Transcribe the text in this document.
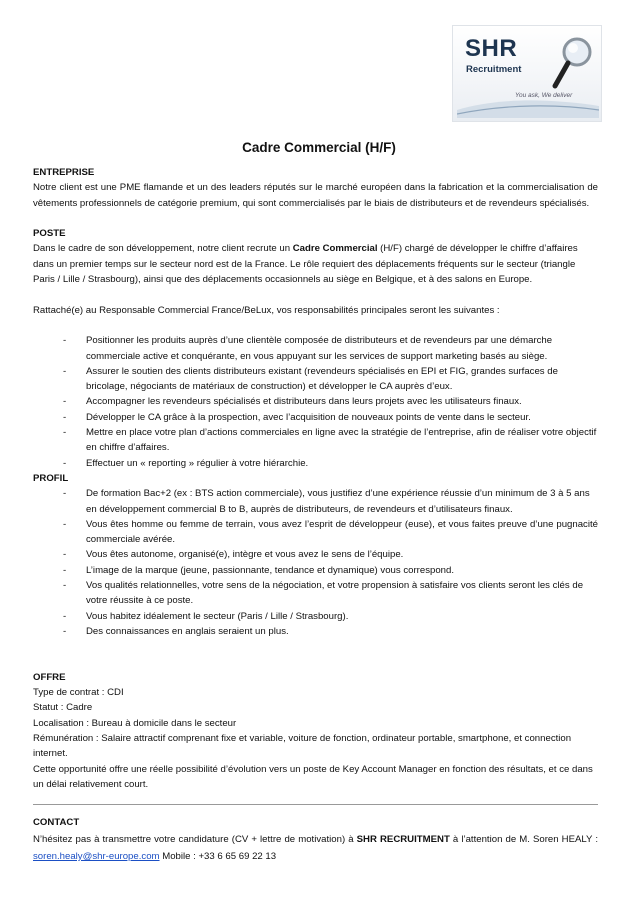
SHR
Recruitment
You ask, We deliver
Cadre Commercial (H/F)
ENTREPRISE

Notre client est une PME flamande et un des leaders réputés sur le marché européen dans la fabrication et la commercialisation de vêtements professionnels de catégorie premium, qui sont commercialisés par le biais de distributeurs et de revendeurs spécialisés.

POSTE

Dans le cadre de son développement, notre client recrute un Cadre Commercial (H/F) chargé de développer le chiffre d’affaires dans un premier temps sur le secteur nord est de la France. Le rôle requiert des déplacements fréquents sur le secteur (triangle Paris / Lille / Strasbourg), ainsi que des déplacements occasionnels au siège en Belgique, et à des salons en Europe.

Rattaché(e) au Responsable Commercial France/BeLux, vos responsabilités principales seront les suivantes :
- Positionner les produits auprès d’une clientèle composée de distributeurs et de revendeurs par une démarche commerciale active et conquérante, en vous appuyant sur les services de support marketing basés au siège.
- Assurer le soutien des clients distributeurs existant (revendeurs spécialisés en EPI et FIG, grandes surfaces de bricolage, négociants de matériaux de construction) et développer le CA auprès d’eux.
- Accompagner les revendeurs spécialisés et distributeurs dans leurs projets avec les utilisateurs finaux.
- Développer le CA grâce à la prospection, avec l’acquisition de nouveaux points de vente dans le secteur.
- Mettre en place votre plan d’actions commerciales en ligne avec la stratégie de l’entreprise, afin de réaliser votre objectif en chiffre d’affaires.
- Effectuer un « reporting » régulier à votre hiérarchie.
PROFIL
- De formation Bac+2 (ex : BTS action commerciale), vous justifiez d’une expérience réussie d’un minimum de 3 à 5 ans en développement commercial B to B, auprès de distributeurs, de revendeurs et d’utilisateurs finaux.
- Vous êtes homme ou femme de terrain, vous avez l’esprit de développeur (euse), et vous faites preuve d’une pugnacité commerciale avérée.
- Vous êtes autonome, organisé(e), intègre et vous avez le sens de l’équipe.
- L’image de la marque (jeune, passionnante, tendance et dynamique) vous correspond.
- Vos qualités relationnelles, votre sens de la négociation, et votre propension à satisfaire vos clients seront les clés de votre réussite à ce poste.
- Vous habitez idéalement le secteur (Paris / Lille / Strasbourg).
- Des connaissances en anglais seraient un plus.
OFFRE
Type de contrat : CDI
Statut : Cadre
Localisation : Bureau à domicile dans le secteur
Rémunération : Salaire attractif comprenant fixe et variable, voiture de fonction, ordinateur portable, smartphone, et connection internet.
Cette opportunité offre une réelle possibilité d’évolution vers un poste de Key Account Manager en fonction des résultats, et ce dans un délai relativement court.
CONTACT

N’hésitez pas à transmettre votre candidature (CV + lettre de motivation) à SHR RECRUITMENT à l’attention de M. Soren HEALY : soren.healy@shr-europe.com Mobile : +33 6 65 69 22 13
